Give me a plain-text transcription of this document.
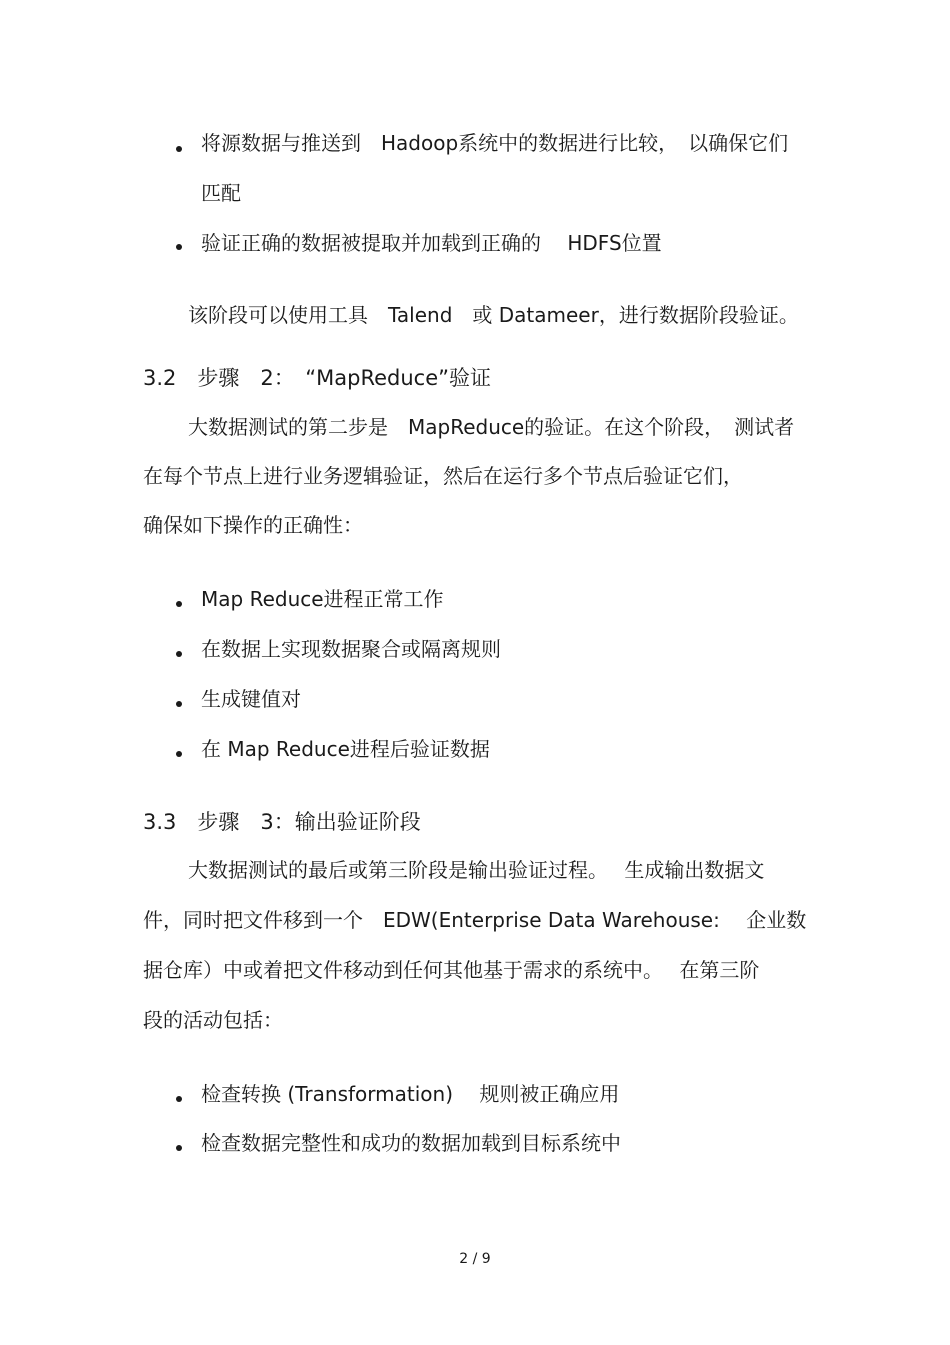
将源数据与推送到　Hadoop系统中的数据进行比较，　以确保它们
匹配
验证正确的数据被提取并加载到正确的　 HDFS位置
该阶段可以使用工具　Talend　或 Datameer，进行数据阶段验证。
3.2　步骤　2：　“MapReduce”验证
大数据测试的第二步是　MapReduce的验证。在这个阶段，　测试者
在每个节点上进行业务逻辑验证，然后在运行多个节点后验证它们，
确保如下操作的正确性：
Map Reduce进程正常工作
在数据上实现数据聚合或隔离规则
生成键值对
在 Map Reduce进程后验证数据
3.3　步骤　3：输出验证阶段
大数据测试的最后或第三阶段是输出验证过程。　 生成输出数据文
件，同时把文件移到一个　EDW(Enterprise Data Warehouse:　 企业数
据仓库）中或着把文件移动到任何其他基于需求的系统中。　 在第三阶
段的活动包括：
检查转换 (Transformation)　 规则被正确应用
检查数据完整性和成功的数据加载到目标系统中
2 / 9
